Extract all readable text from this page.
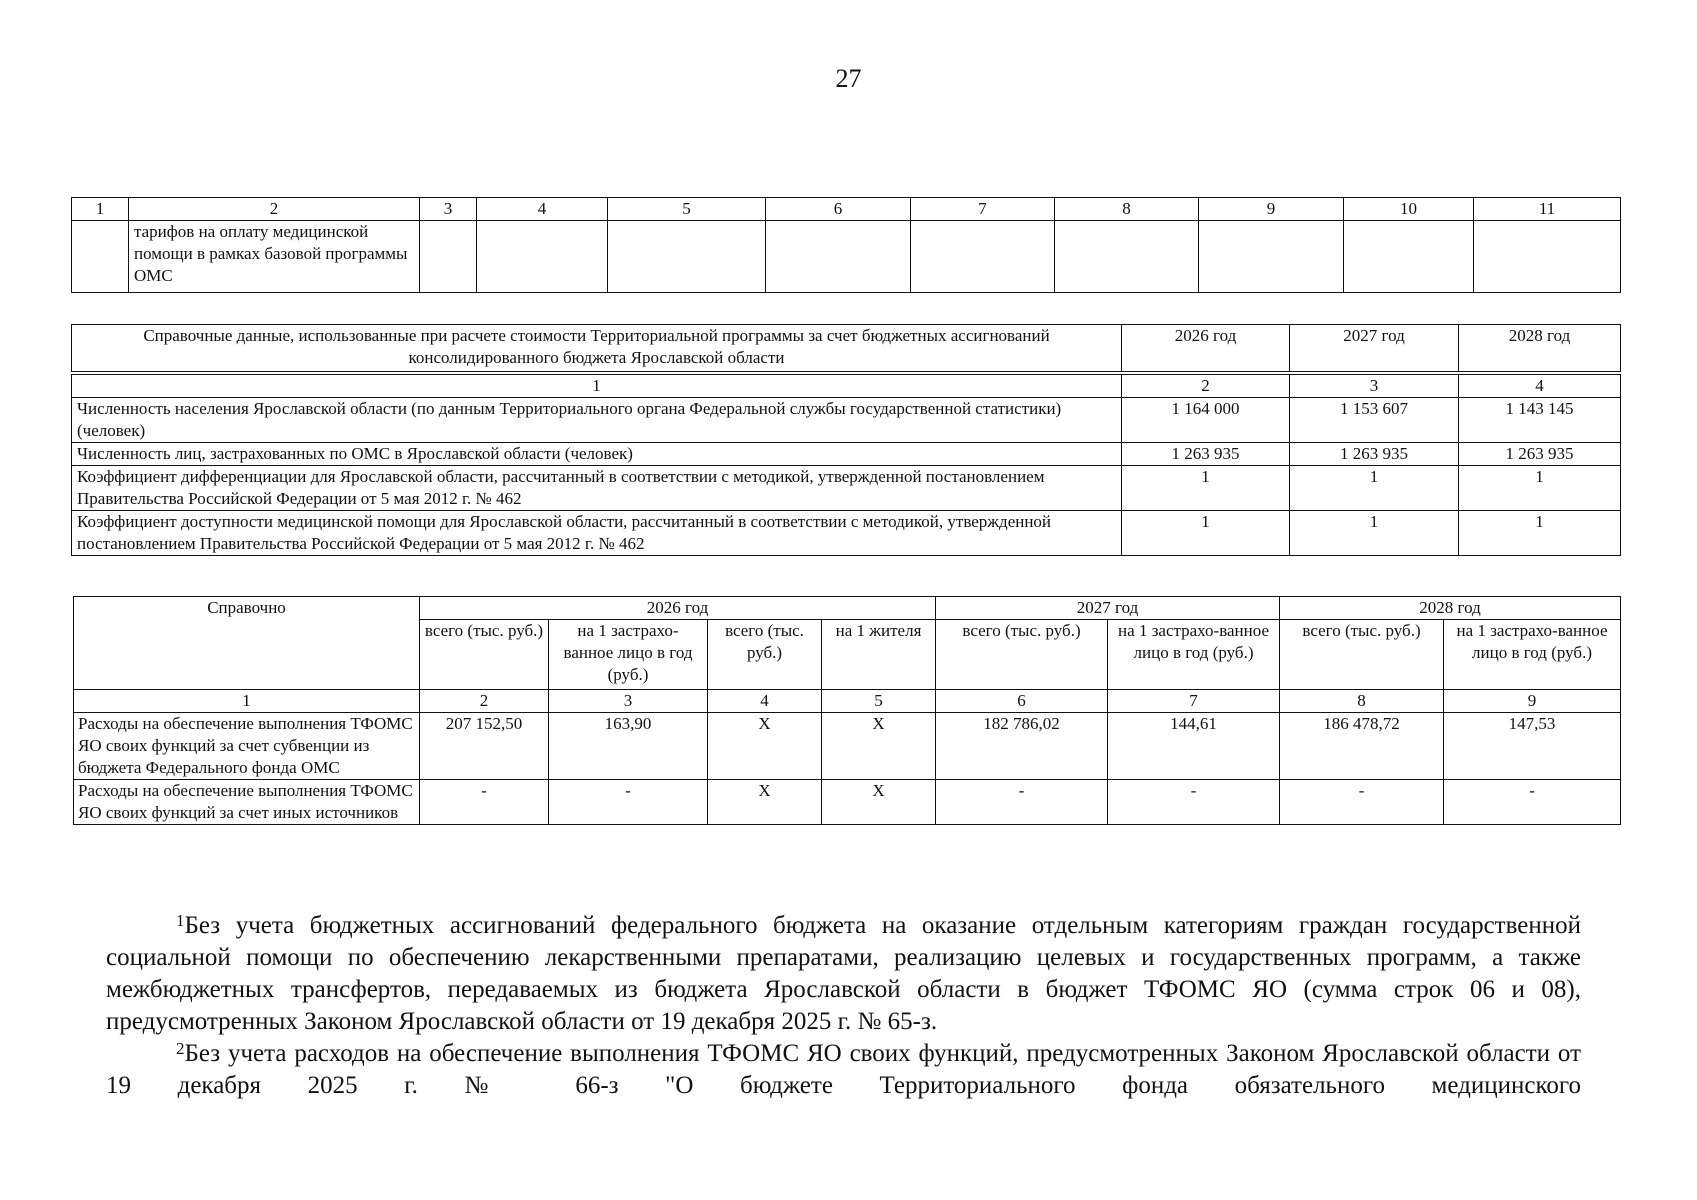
27
1	2	3	4	5	6	7	8	9	10	11
	тарифов на оплату медицинской помощи в рамках базовой программы ОМС									
Справочные данные, использованные при расчете стоимости Территориальной программы за счет бюджетных ассигнований консолидированного бюджета Ярославской области	2026 год	2027 год	2028 год

1	2	3	4
Численность населения Ярославской области (по данным Территориального органа Федеральной службы государственной статистики) (человек)	1 164 000	1 153 607	1 143 145
Численность лиц, застрахованных по ОМС в Ярославской области (человек)	1 263 935	1 263 935	1 263 935
Коэффициент дифференциации для Ярославской области, рассчитанный в соответствии с методикой, утвержденной постановлением Правительства Российской Федерации от 5 мая 2012 г. № 462	1	1	1
Коэффициент доступности медицинской помощи для Ярославской области, рассчитанный в соответствии с методикой, утвержденной постановлением Правительства Российской Федерации от 5 мая 2012 г. № 462	1	1	1
Справочно	2026 год				2027 год		2028 год	
	всего (тыс. руб.)	на 1 застрахо-ванное лицо в год (руб.)	всего (тыс. руб.)	на 1 жителя	всего (тыс. руб.)	на 1 застрахо-ванное лицо в год (руб.)	всего (тыс. руб.)	на 1 застрахо-ванное лицо в год (руб.)
1	2	3	4	5	6	7	8	9
Расходы на обеспечение выполнения ТФОМС ЯО своих функций за счет субвенции из бюджета Федерального фонда ОМС	207 152,50	163,90	Х	Х	182 786,02	144,61	186 478,72	147,53
Расходы на обеспечение выполнения ТФОМС ЯО своих функций за счет иных источников	-	-	Х	Х	-	-	-	-

$^1$Без учета бюджетных ассигнований федерального бюджета на оказание отдельным категориям граждан государственной социальной помощи по обеспечению лекарственными препаратами, реализацию целевых и государственных программ, а также межбюджетных трансфертов, передаваемых из бюджета Ярославской области в бюджет ТФОМС ЯО (сумма строк 06 и 08), предусмотренных Законом Ярославской области от 19 декабря 2025 г. № 65-з.

$^2$Без учета расходов на обеспечение выполнения ТФОМС ЯО своих функций, предусмотренных Законом Ярославской области от 19 декабря 2025 г. № 66-з "О бюджете Территориального фонда обязательного медицинского
